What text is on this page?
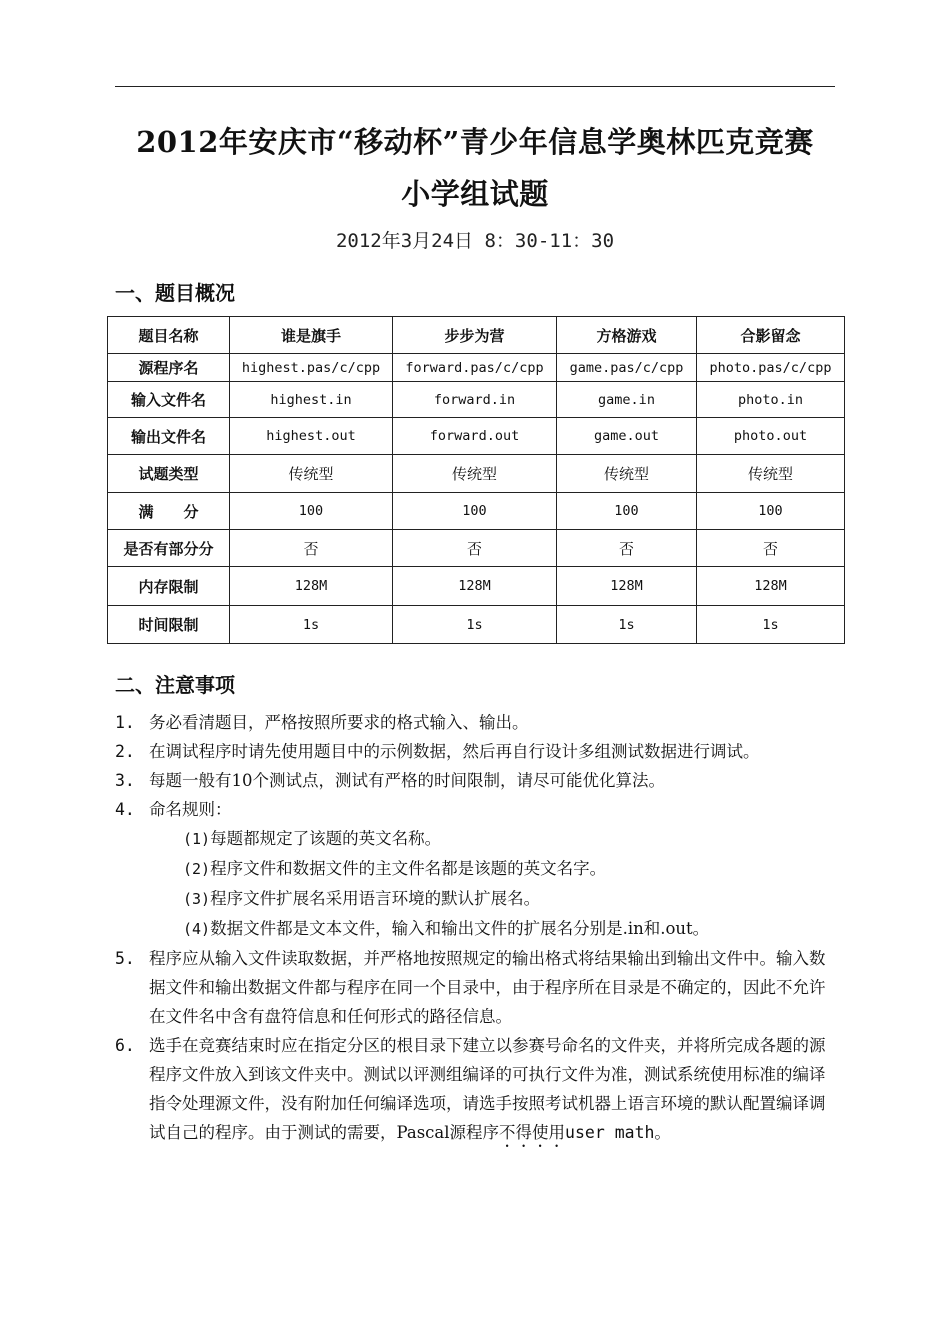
2012年安庆市“移动杯”青少年信息学奥林匹克竞赛
小学组试题
2012年3月24日 8：30-11：30
一、题目概况
题目名称	谁是旗手	步步为营	方格游戏	合影留念
源程序名	highest.pas/c/cpp	forward.pas/c/cpp	game.pas/c/cpp	photo.pas/c/cpp
输入文件名	highest.in	forward.in	game.in	photo.in
输出文件名	highest.out	forward.out	game.out	photo.out
试题类型	传统型	传统型	传统型	传统型
满　　分	100	100	100	100
是否有部分分	否	否	否	否
内存限制	128M	128M	128M	128M
时间限制	1s	1s	1s	1s
二、注意事项
1. 务必看清题目，严格按照所要求的格式输入、输出。
2. 在调试程序时请先使用题目中的示例数据，然后再自行设计多组测试数据进行调试。
3. 每题一般有10个测试点，测试有严格的时间限制，请尽可能优化算法。
4. 命名规则：
(1)每题都规定了该题的英文名称。
(2)程序文件和数据文件的主文件名都是该题的英文名字。
(3)程序文件扩展名采用语言环境的默认扩展名。
(4)数据文件都是文本文件，输入和输出文件的扩展名分别是.in和.out。
5. 程序应从输入文件读取数据，并严格地按照规定的输出格式将结果输出到输出文件中。输入数据文件和输出数据文件都与程序在同一个目录中，由于程序所在目录是不确定的，因此不允许在文件名中含有盘符信息和任何形式的路径信息。
6. 选手在竞赛结束时应在指定分区的根目录下建立以参赛号命名的文件夹，并将所完成各题的源程序文件放入到该文件夹中。测试以评测组编译的可执行文件为准，测试系统使用标准的编译指令处理源文件，没有附加任何编译选项，请选手按照考试机器上语言环境的默认配置编译调试自己的程序。由于测试的需要，Pascal源程序不得使用user math。
